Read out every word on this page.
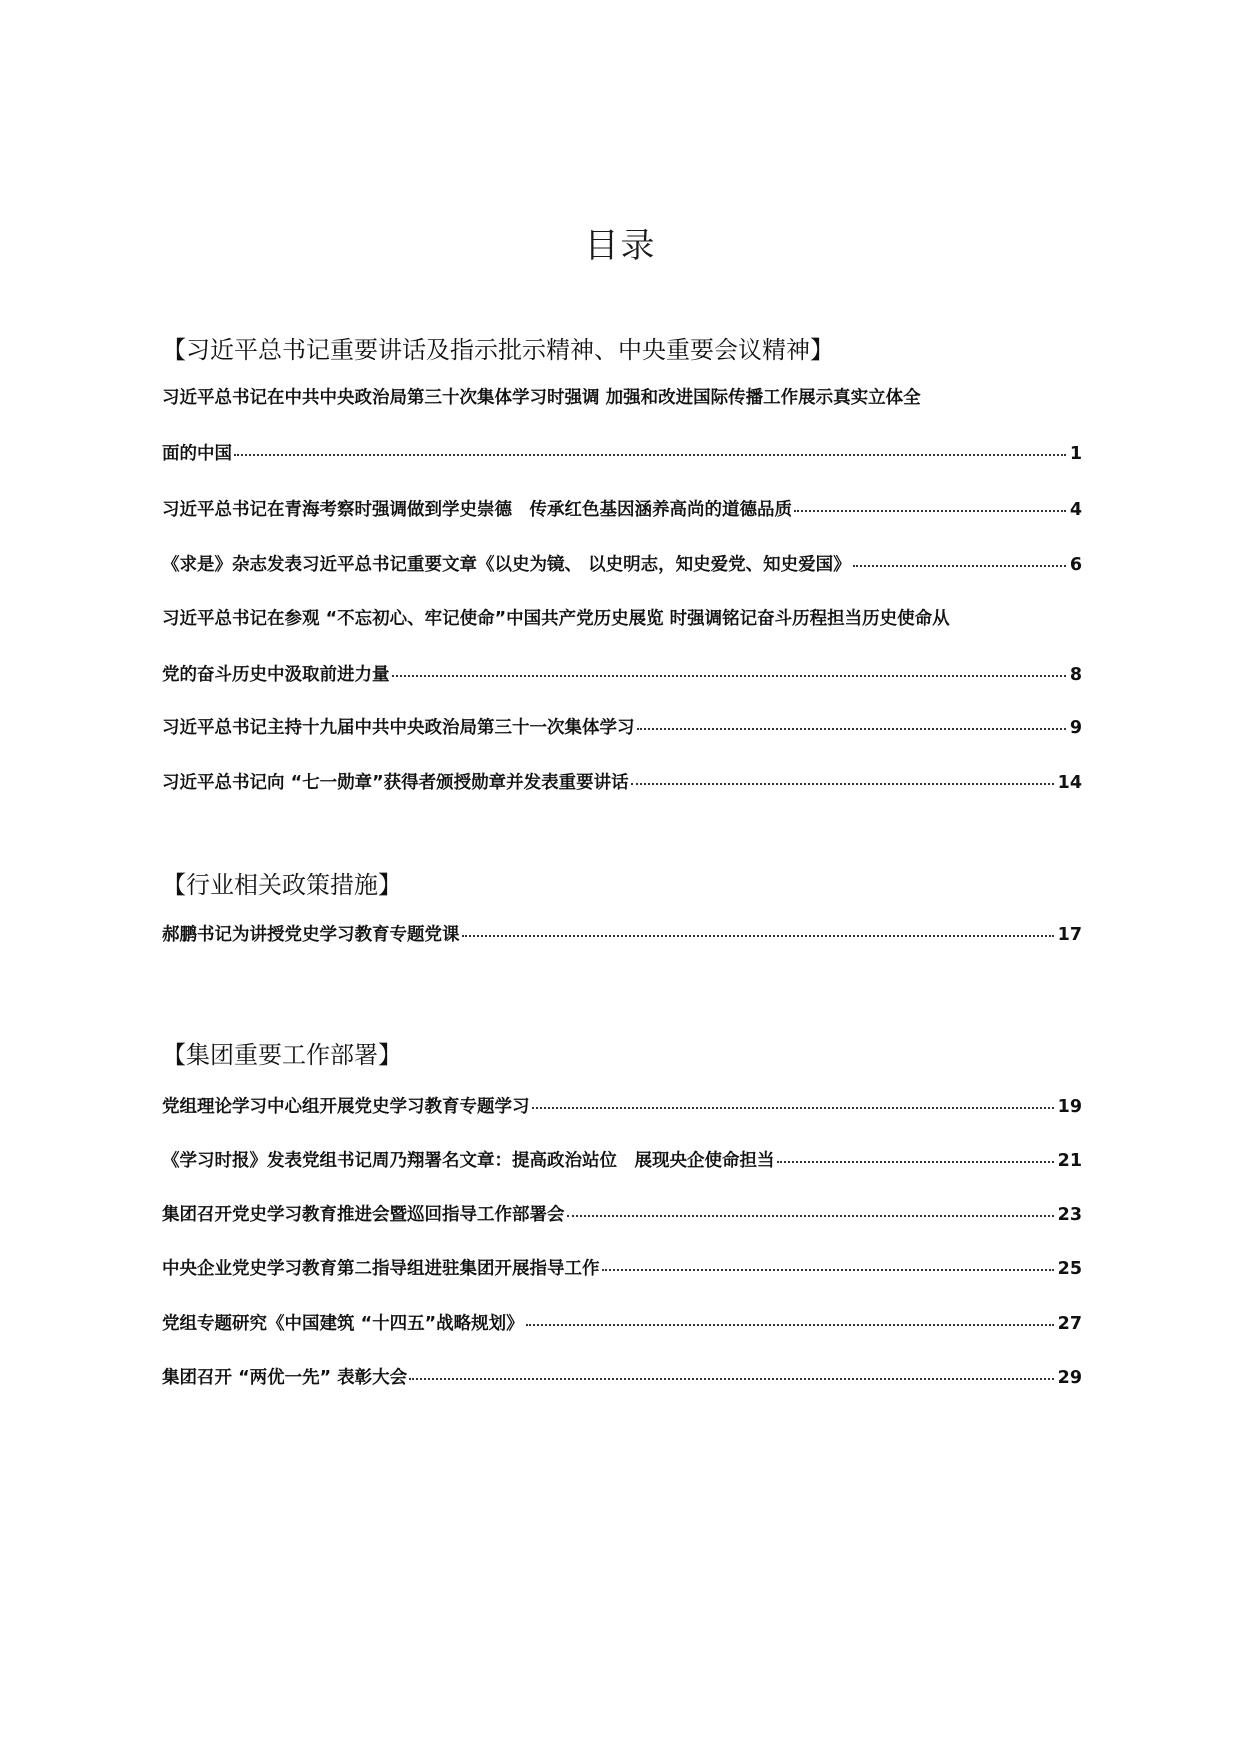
目录
【习近平总书记重要讲话及指示批示精神、中央重要会议精神】
习近平总书记在中共中央政治局第三十次集体学习时强调 加强和改进国际传播工作展示真实立体全
面的中国	1
习近平总书记在青海考察时强调做到学史崇德　传承红色基因涵养高尚的道德品质	4
《求是》杂志发表习近平总书记重要文章《以史为镜、 以史明志，知史爱党、知史爱国》	6
习近平总书记在参观 “不忘初心、牢记使命”中国共产党历史展览 时强调铭记奋斗历程担当历史使命从
党的奋斗历史中汲取前进力量	8
习近平总书记主持十九届中共中央政治局第三十一次集体学习	9
习近平总书记向 “七一勋章”获得者颁授勋章并发表重要讲话	14
【行业相关政策措施】
郝鹏书记为讲授党史学习教育专题党课	17
【集团重要工作部署】
党组理论学习中心组开展党史学习教育专题学习	19
《学习时报》发表党组书记周乃翔署名文章：提高政治站位　展现央企使命担当	21
集团召开党史学习教育推进会暨巡回指导工作部署会	23
中央企业党史学习教育第二指导组进驻集团开展指导工作	25
党组专题研究《中国建筑 “十四五”战略规划》	27
集团召开 “两优一先” 表彰大会	29
